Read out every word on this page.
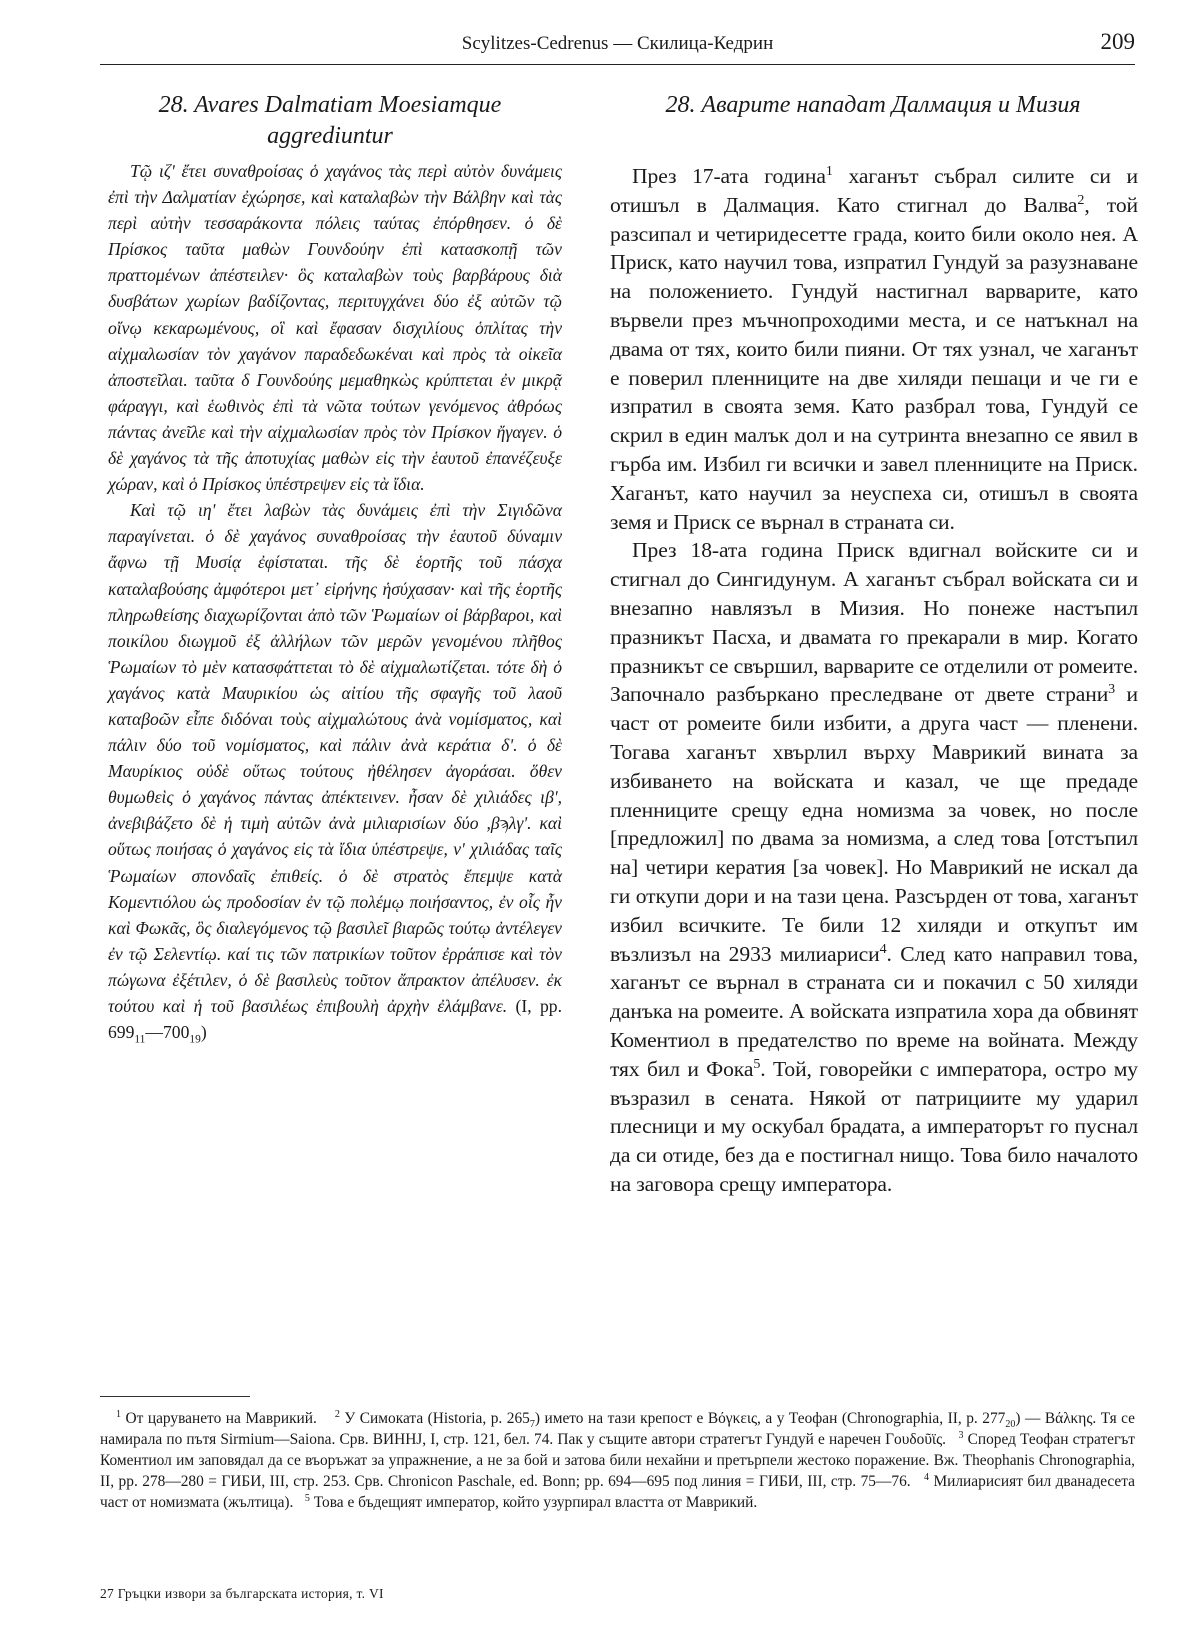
Scylitzes-Cedrenus — Скилица-Кедрин	209
28. Avares Dalmatiam Moesiamque aggrediuntur
28. Аварите нападат Далмация и Мизия

Τῷ ιζʹ ἔτει συναθροίσας ὁ χαγάνος τὰς περὶ αὐτὸν δυνάμεις ἐπὶ τὴν Δαλματίαν ἐχώρησε, καὶ καταλαβὼν τὴν Βάλβην καὶ τὰς περὶ αὐτὴν τεσσαράκοντα πόλεις ταύτας ἐπόρθησεν. ὁ δὲ Πρίσκος ταῦτα μαθὼν Γουνδούην ἐπὶ κατασκοπῇ τῶν πραττομένων ἀπέστειλεν· ὃς καταλαβὼν τοὺς βαρβάρους διὰ δυσβάτων χωρίων βαδίζοντας, περιτυγχάνει δύο ἐξ αὐτῶν τῷ οἴνῳ κεκαρωμένους, οἳ καὶ ἔφασαν δισχιλίους ὁπλίτας τὴν αἰχμαλωσίαν τὸν χαγάνον παραδεδωκέναι καὶ πρὸς τὰ οἰκεῖα ἀποστεῖλαι. ταῦτα δ Γουνδούης μεμαθηκὼς κρύπτεται ἐν μικρᾷ φάραγγι, καὶ ἑωθινὸς ἐπὶ τὰ νῶτα τούτων γενόμενος ἀθρόως πάντας ἀνεῖλε καὶ τὴν αἰχμαλωσίαν πρὸς τὸν Πρίσκον ἤγαγεν. ὁ δὲ χαγάνος τὰ τῆς ἀποτυχίας μαθὼν εἰς τὴν ἑαυτοῦ ἐπανέζευξε χώραν, καὶ ὁ Πρίσκος ὑπέστρεψεν εἰς τὰ ἴδια.

Καὶ τῷ ιηʹ ἔτει λαβὼν τὰς δυνάμεις ἐπὶ τὴν Σιγιδῶνα παραγίνεται. ὁ δὲ χαγάνος συναθροίσας τὴν ἑαυτοῦ δύναμιν ἄφνω τῇ Μυσίᾳ ἐφίσταται. τῆς δὲ ἑορτῆς τοῦ πάσχα καταλαβούσης ἀμφότεροι μετ᾽ εἰρήνης ἡσύχασαν· καὶ τῆς ἑορτῆς πληρωθείσης διαχωρίζονται ἀπὸ τῶν Ῥωμαίων οἱ βάρβαροι, καὶ ποικίλου διωγμοῦ ἐξ ἀλλήλων τῶν μερῶν γενομένου πλῆθος Ῥωμαίων τὸ μὲν κατασφάττεται τὸ δὲ αἰχμαλωτίζεται. τότε δὴ ὁ χαγάνος κατὰ Μαυρικίου ὡς αἰτίου τῆς σφαγῆς τοῦ λαοῦ καταβοῶν εἶπε διδόναι τοὺς αἰχμαλώτους ἀνὰ νομίσματος, καὶ πάλιν δύο τοῦ νομίσματος, καὶ πάλιν ἀνὰ κεράτια δʹ. ὁ δὲ Μαυρίκιος οὐδὲ οὕτως τούτους ἠθέλησεν ἀγοράσαι. ὅθεν θυμωθεὶς ὁ χαγάνος πάντας ἀπέκτεινεν. ἦσαν δὲ χιλιάδες ιβʹ, ἀνεβιβάζετο δὲ ἡ τιμὴ αὐτῶν ἀνὰ μιλιαρισίων δύο ,βϡλγʹ. καὶ οὕτως ποιήσας ὁ χαγάνος εἰς τὰ ἴδια ὑπέστρεψε, νʹ χιλιάδας ταῖς Ῥωμαίων σπονδαῖς ἐπιθείς. ὁ δὲ στρατὸς ἔπεμψε κατὰ Κομεντιόλου ὡς προδοσίαν ἐν τῷ πολέμῳ ποιήσαντος, ἐν οἷς ἦν καὶ Φωκᾶς, ὃς διαλεγόμενος τῷ βασιλεῖ βιαρῶς τούτῳ ἀντέλεγεν ἐν τῷ Σελεντίῳ. καί τις τῶν πατρικίων τοῦτον ἐρράπισε καὶ τὸν πώγωνα ἐξέτιλεν, ὁ δὲ βασιλεὺς τοῦτον ἄπρακτον ἀπέλυσεν. ἐκ τούτου καὶ ἡ τοῦ βασιλέως ἐπιβουλὴ ἀρχὴν ἐλάμβανε. (I, pp. $699_{11}—700_{19}$)

През 17-ата година$^1$ хаганът събрал силите си и отишъл в Далмация. Като стигнал до Валва$^2$, той разсипал и четиридесетте града, които били около нея. А Приск, като научил това, изпратил Гундуй за разузнаване на положението. Гундуй настигнал варварите, като вървели през мъчнопроходими места, и се натъкнал на двама от тях, които били пияни. От тях узнал, че хаганът е поверил пленниците на две хиляди пешаци и че ги е изпратил в своята земя. Като разбрал това, Гундуй се скрил в един малък дол и на сутринта внезапно се явил в гърба им. Избил ги всички и завел пленниците на Приск. Хаганът, като научил за неуспеха си, отишъл в своята земя и Приск се върнал в страната си.

През 18-ата година Приск вдигнал войските си и стигнал до Сингидунум. А хаганът събрал войската си и внезапно навлязъл в Мизия. Но понеже настъпил празникът Пасха, и двамата го прекарали в мир. Когато празникът се свършил, варварите се отделили от ромеите. Започнало разбъркано преследване от двете страни$^3$ и част от ромеите били избити, а друга част — пленени. Тогава хаганът хвърлил върху Маврикий вината за избиването на войската и казал, че ще предаде пленниците срещу една номизма за човек, но после [предложил] по двама за номизма, а след това [отстъпил на] четири кератия [за човек]. Но Маврикий не искал да ги откупи дори и на тази цена. Разсърден от това, хаганът избил всичките. Те били 12 хиляди и откупът им възлизъл на 2933 милиариси$^4$. След като направил това, хаганът се върнал в страната си и покачил с 50 хиляди данъка на ромеите. А войската изпратила хора да обвинят Коментиол в предателство по време на войната. Между тях бил и Фока$^5$. Той, говорейки с императора, остро му възразил в сената. Някой от патрициите му ударил плесници и му оскубал брадата, а императорът го пуснал да си отиде, без да е постигнал нищо. Това било началото на заговора срещу императора.

$^1$ От царуването на Маврикий. $^2$ У Симоката (Historia, p. $265_7$) името на тази крепост е Βόγκεις, а у Теофан (Chronographia, II, p. $277_{20}$) — Βάλκης. Тя се намирала по пътя Sirmium—Saiona. Срв. ВИННЈ, I, стр. 121, бел. 74. Пак у същите автори стратегът Гундуй е наречен Γουδοῦϊς. $^3$ Според Теофан стратегът Коментиол им заповядал да се въоръжат за упражнение, а не за бой и затова били нехайни и претърпели жестоко поражение. Вж. Theophanis Chronographia, II, pp. 278—280 = ГИБИ, III, стр. 253. Срв. Chronicon Paschale, ed. Bonn; pp. 694—695 под линия = ГИБИ, III, стр. 75—76. $^4$ Милиарисият бил дванадесета част от номизмата (жълтица). $^5$ Това е бъдещият император, който узурпирал властта от Маврикий.

27 Гръцки извори за българската история, т. VI
